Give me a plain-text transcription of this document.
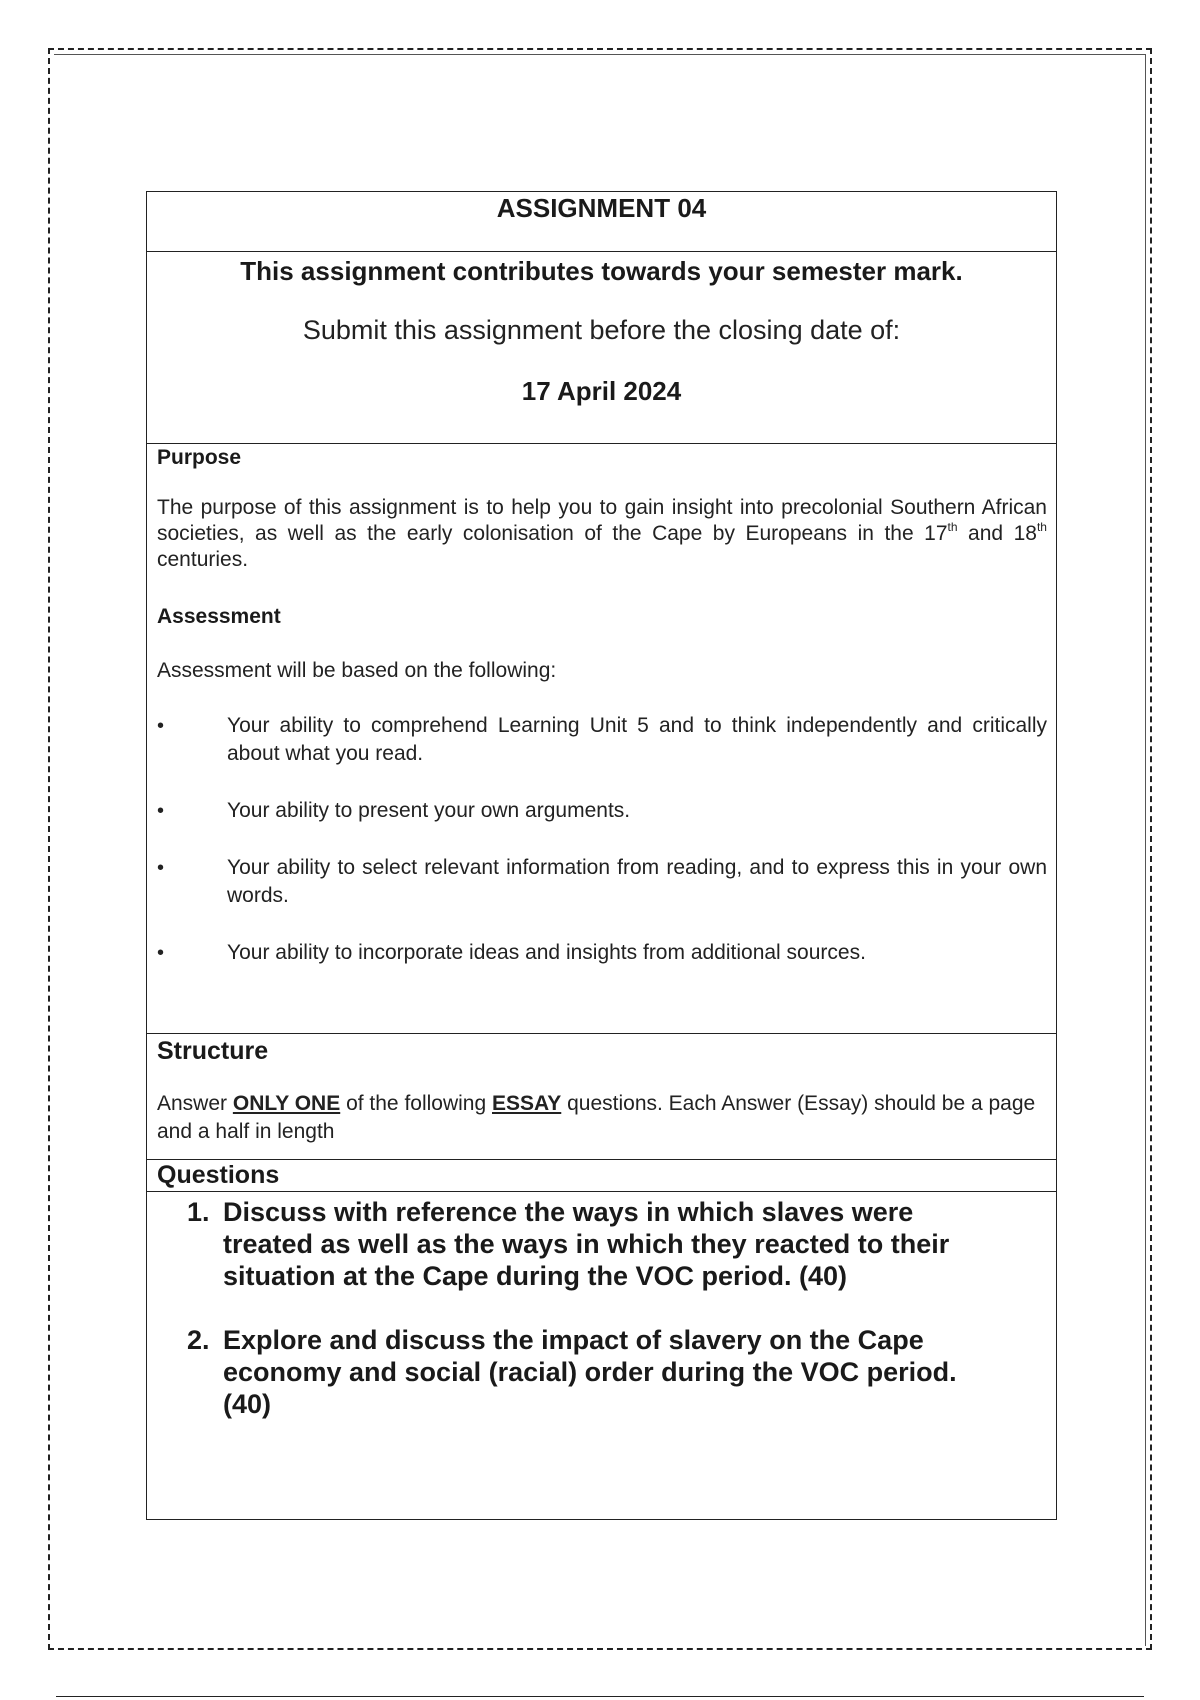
ASSIGNMENT 04

This assignment contributes towards your semester mark.

Submit this assignment before the closing date of:

17 April 2024

Purpose

The purpose of this assignment is to help you to gain insight into precolonial Southern African societies, as well as the early colonisation of the Cape by Europeans in the 17th and 18th centuries.

Assessment

Assessment will be based on the following:

•	Your ability to comprehend Learning Unit 5 and to think independently and critically about what you read.
•	Your ability to present your own arguments.
•	Your ability to select relevant information from reading, and to express this in your own words.
•	Your ability to incorporate ideas and insights from additional sources.

Structure

Answer ONLY ONE of the following ESSAY questions. Each Answer (Essay) should be a page and a half in length

Questions

1. Discuss with reference the ways in which slaves were treated as well as the ways in which they reacted to their situation at the Cape during the VOC period. (40)
2. Explore and discuss the impact of slavery on the Cape economy and social (racial) order during the VOC period. (40)
